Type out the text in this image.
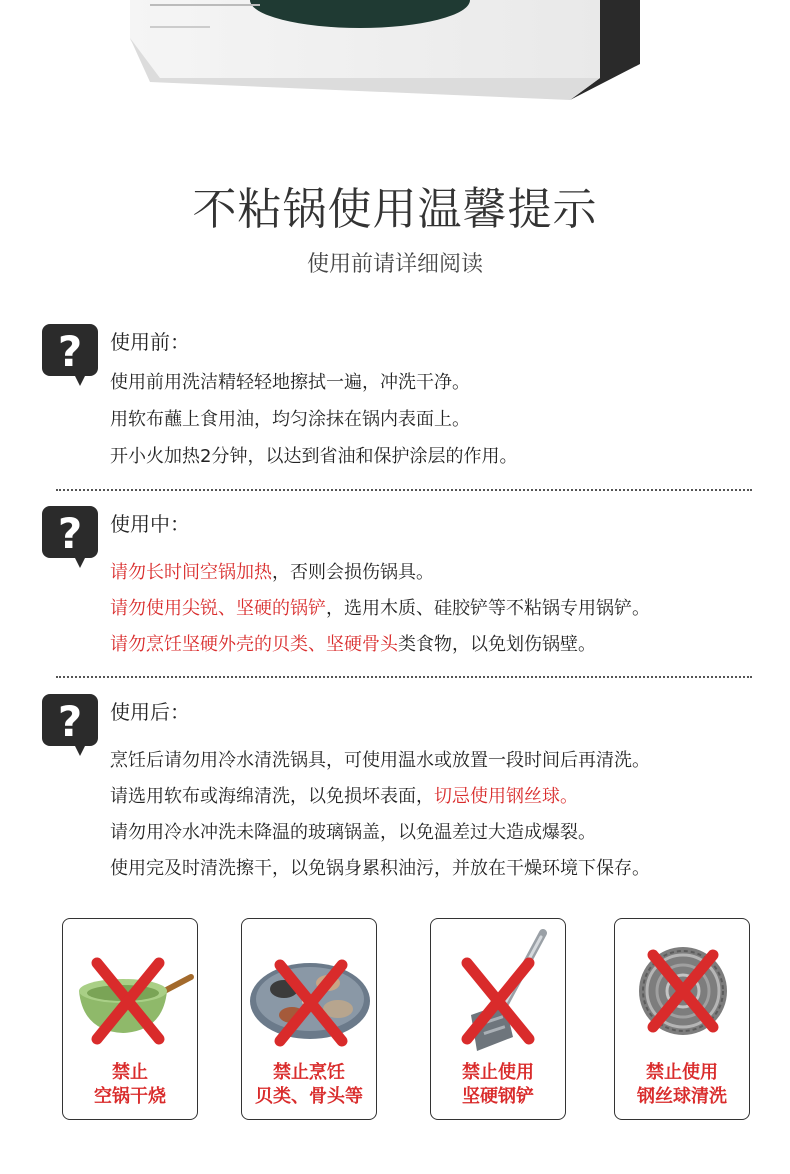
不粘锅使用温馨提示
使用前请详细阅读
? 使用前：
使用前用洗洁精轻轻地擦拭一遍，冲洗干净。
用软布蘸上食用油，均匀涂抹在锅内表面上。
开小火加热2分钟，以达到省油和保护涂层的作用。
? 使用中：
请勿长时间空锅加热，否则会损伤锅具。
请勿使用尖锐、坚硬的锅铲，选用木质、硅胶铲等不粘锅专用锅铲。
请勿烹饪坚硬外壳的贝类、坚硬骨头类食物，以免划伤锅壁。
? 使用后：
烹饪后请勿用冷水清洗锅具，可使用温水或放置一段时间后再清洗。
请选用软布或海绵清洗，以免损坏表面，切忌使用钢丝球。
请勿用冷水冲洗未降温的玻璃锅盖，以免温差过大造成爆裂。
使用完及时清洗擦干，以免锅身累积油污，并放在干燥环境下保存。
禁止
空锅干烧
禁止烹饪
贝类、骨头等
禁止使用
坚硬钢铲
禁止使用
钢丝球清洗
